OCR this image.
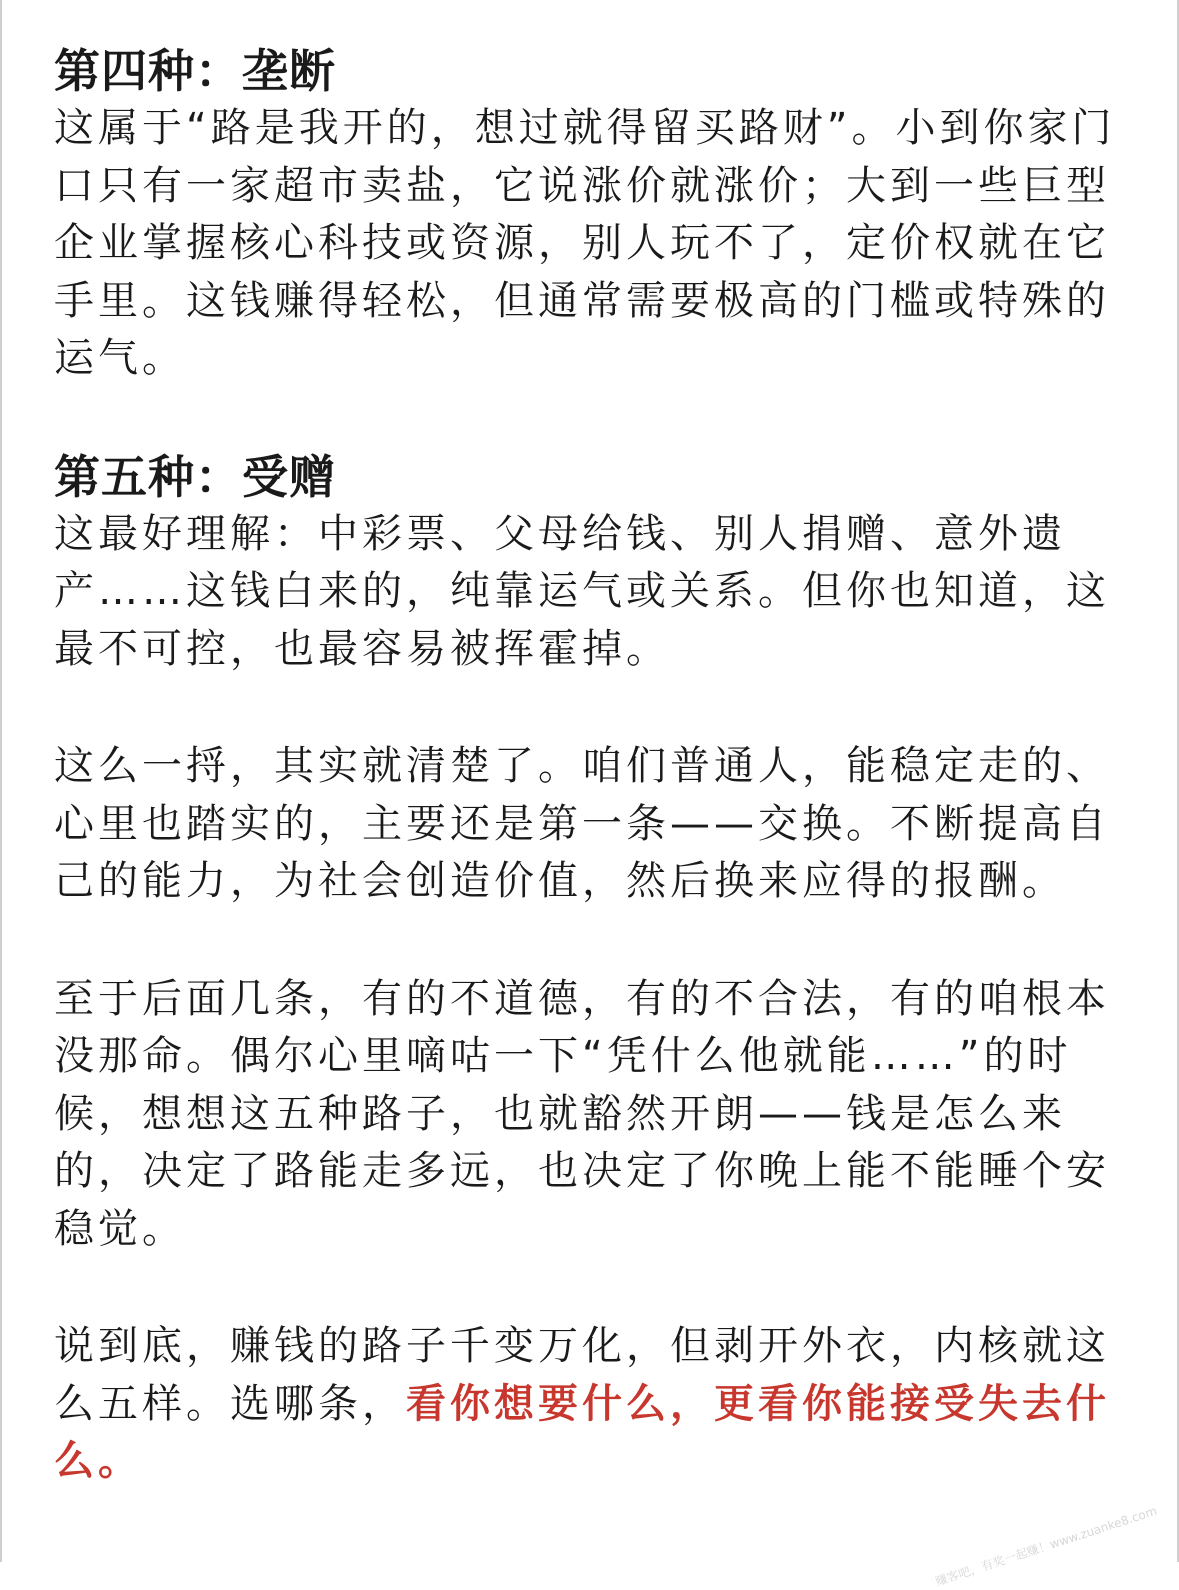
第四种：垄断

这属于“路是我开的，想过就得留买路财”。小到你家门口只有一家超市卖盐，它说涨价就涨价；大到一些巨型企业掌握核心科技或资源，别人玩不了，定价权就在它手里。这钱赚得轻松，但通常需要极高的门槛或特殊的运气。

第五种：受赠

这最好理解：中彩票、父母给钱、别人捐赠、意外遗产……这钱白来的，纯靠运气或关系。但你也知道，这最不可控，也最容易被挥霍掉。

这么一捋，其实就清楚了。咱们普通人，能稳定走的、心里也踏实的，主要还是第一条——交换。不断提高自己的能力，为社会创造价值，然后换来应得的报酬。

至于后面几条，有的不道德，有的不合法，有的咱根本没那命。偶尔心里嘀咕一下“凭什么他就能……”的时候，想想这五种路子，也就豁然开朗——钱是怎么来的，决定了路能走多远，也决定了你晚上能不能睡个安稳觉。

说到底，赚钱的路子千变万化，但剥开外衣，内核就这么五样。选哪条，看你想要什么，更看你能接受失去什么。

赚客吧，有奖一起赚！www.zuanke8.com
